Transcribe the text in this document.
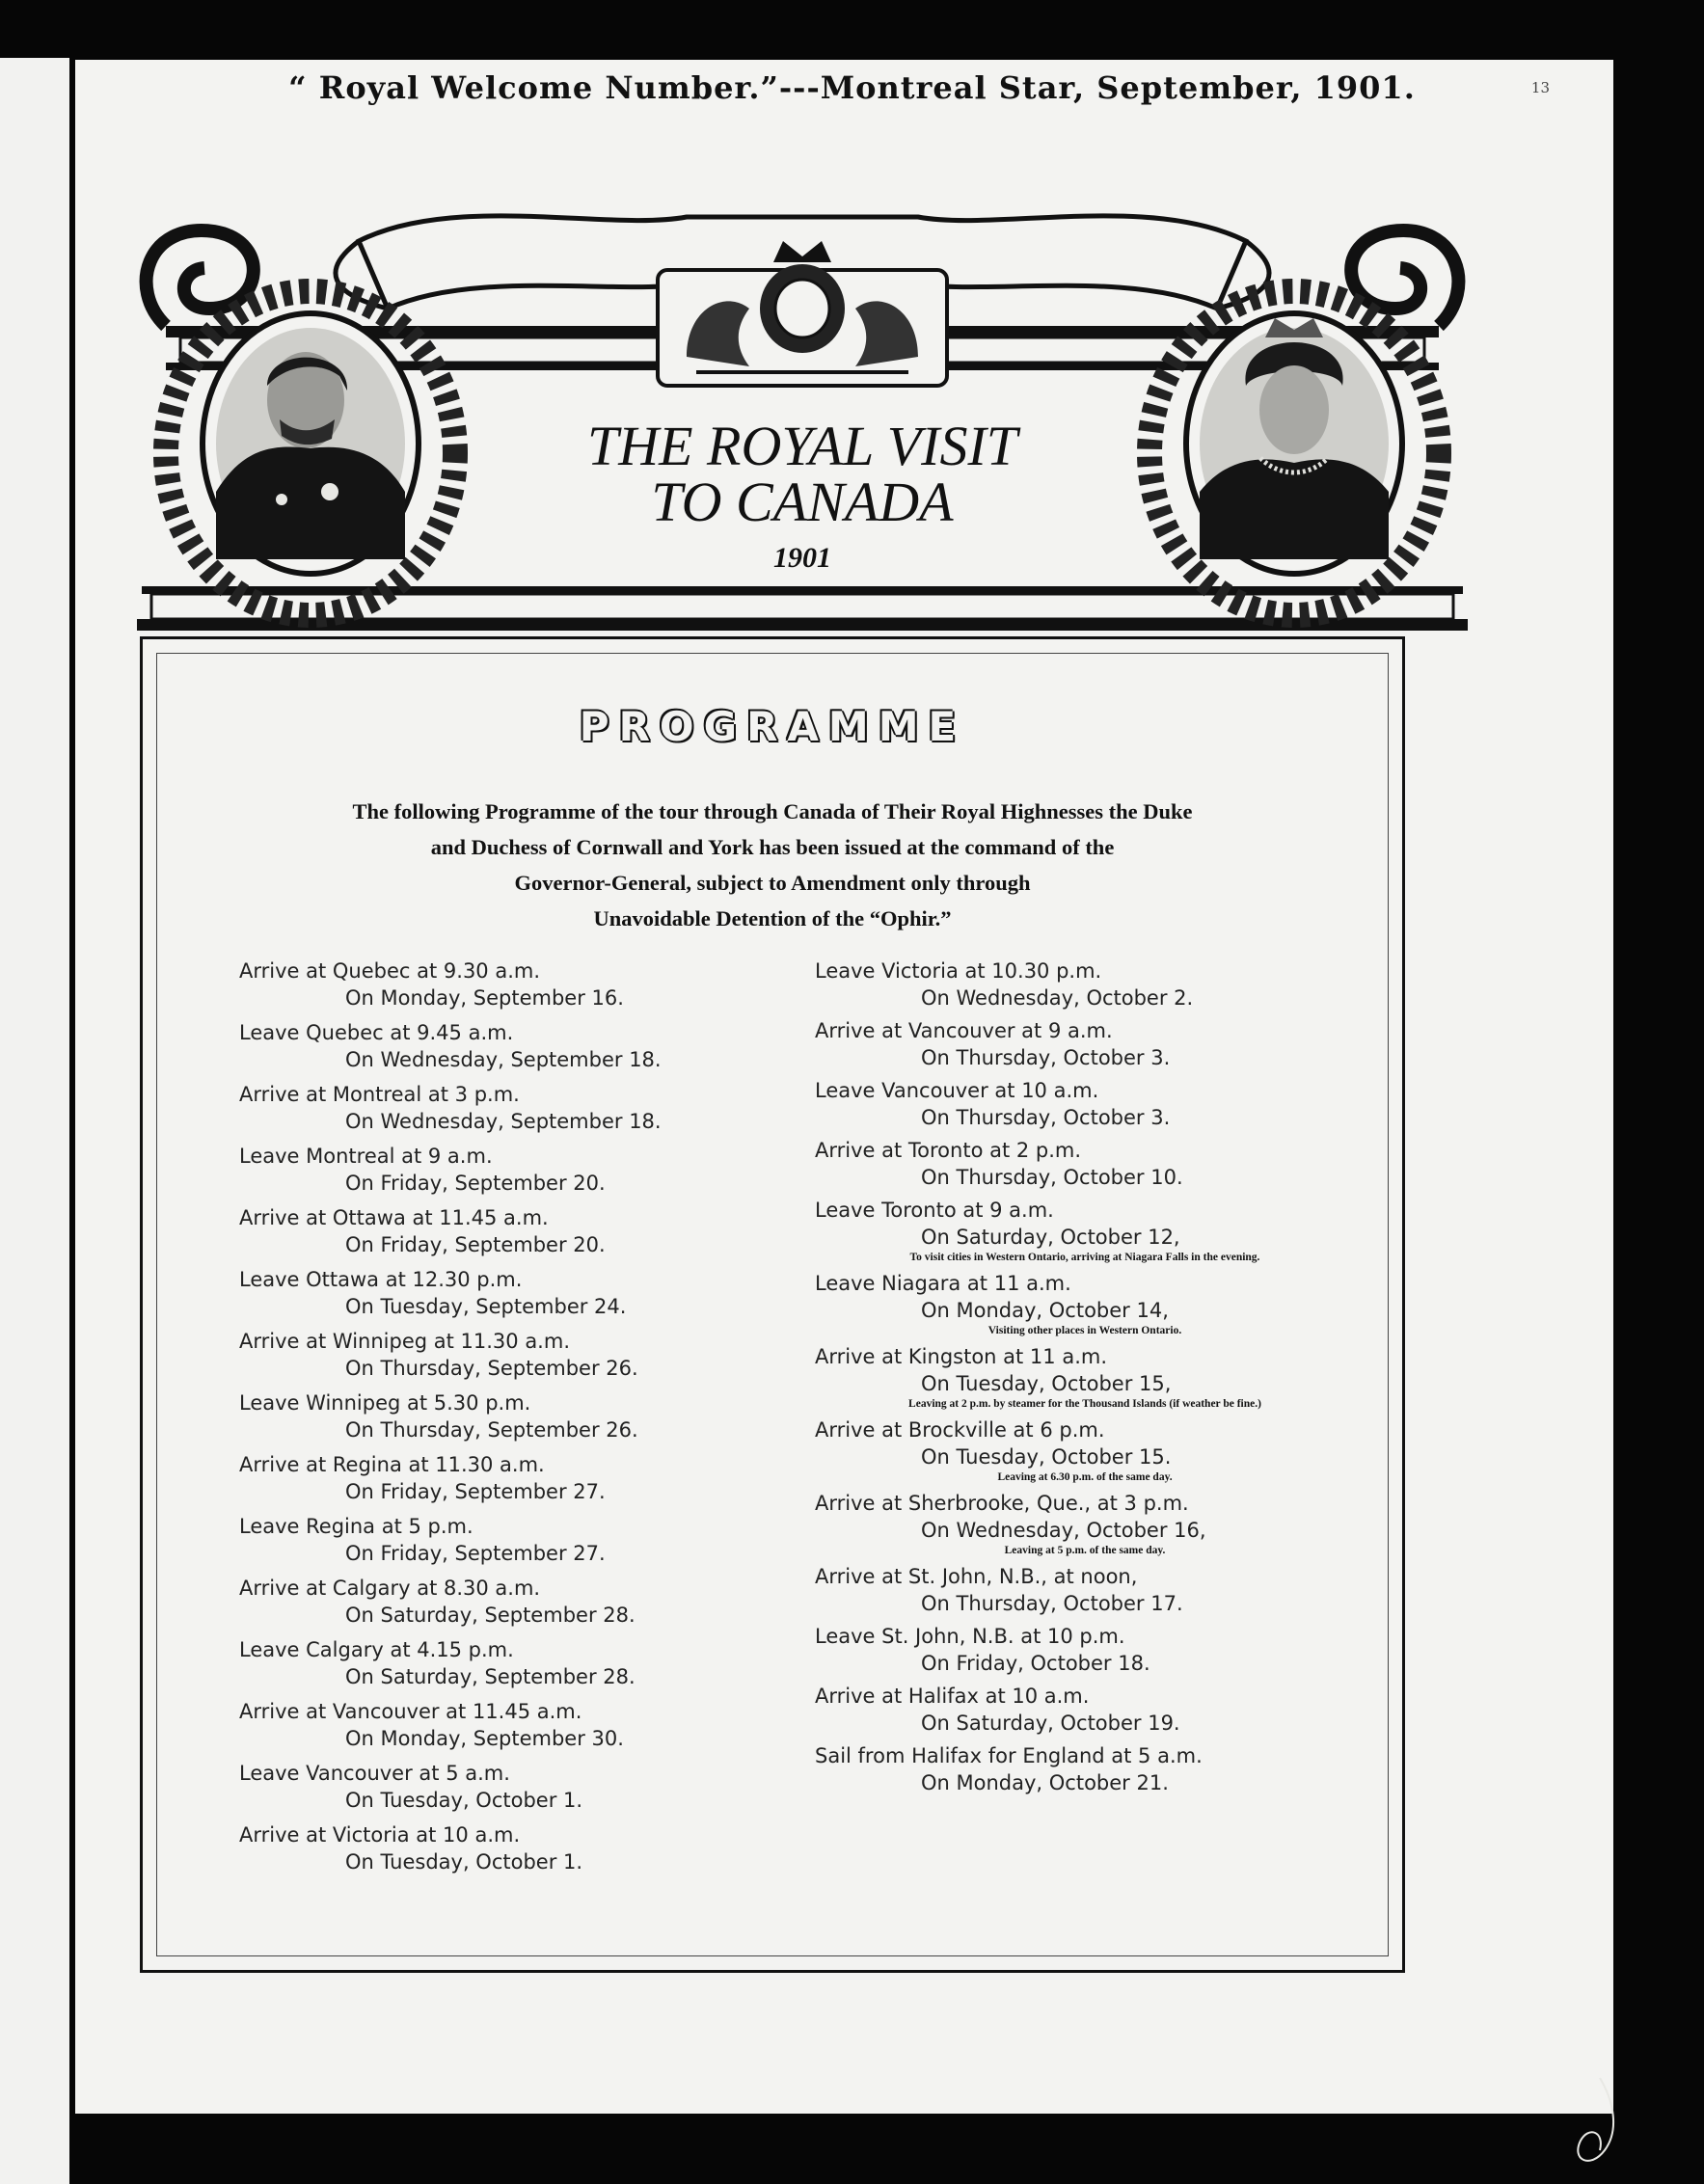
“ Royal Welcome Number.”---Montreal Star, September, 1901.	13
THE ROYAL VISIT
TO CANADA
1901
PROGRAMME

The following Programme of the tour through Canada of Their Royal Highnesses the Duke

and Duchess of Cornwall and York has been issued at the command of the

Governor-General, subject to Amendment only through

Unavoidable Detention of the “Ophir.”

Arrive at Quebec at 9.30 a.m.
On Monday, September 16.
Leave Quebec at 9.45 a.m.
On Wednesday, September 18.
Arrive at Montreal at 3 p.m.
On Wednesday, September 18.
Leave Montreal at 9 a.m.
On Friday, September 20.
Arrive at Ottawa at 11.45 a.m.
On Friday, September 20.
Leave Ottawa at 12.30 p.m.
On Tuesday, September 24.
Arrive at Winnipeg at 11.30 a.m.
On Thursday, September 26.
Leave Winnipeg at 5.30 p.m.
On Thursday, September 26.
Arrive at Regina at 11.30 a.m.
On Friday, September 27.
Leave Regina at 5 p.m.
On Friday, September 27.
Arrive at Calgary at 8.30 a.m.
On Saturday, September 28.
Leave Calgary at 4.15 p.m.
On Saturday, September 28.
Arrive at Vancouver at 11.45 a.m.
On Monday, September 30.
Leave Vancouver at 5 a.m.
On Tuesday, October 1.
Arrive at Victoria at 10 a.m.
On Tuesday, October 1.
Leave Victoria at 10.30 p.m.
On Wednesday, October 2.
Arrive at Vancouver at 9 a.m.
On Thursday, October 3.
Leave Vancouver at 10 a.m.
On Thursday, October 3.
Arrive at Toronto at 2 p.m.
On Thursday, October 10.
Leave Toronto at 9 a.m.
On Saturday, October 12,
To visit cities in Western Ontario, arriving at Niagara Falls in the evening.
Leave Niagara at 11 a.m.
On Monday, October 14,
Visiting other places in Western Ontario.
Arrive at Kingston at 11 a.m.
On Tuesday, October 15,
Leaving at 2 p.m. by steamer for the Thousand Islands (if weather be fine.)
Arrive at Brockville at 6 p.m.
On Tuesday, October 15.
Leaving at 6.30 p.m. of the same day.
Arrive at Sherbrooke, Que., at 3 p.m.
On Wednesday, October 16,
Leaving at 5 p.m. of the same day.
Arrive at St. John, N.B., at noon,
On Thursday, October 17.
Leave St. John, N.B. at 10 p.m.
On Friday, October 18.
Arrive at Halifax at 10 a.m.
On Saturday, October 19.
Sail from Halifax for England at 5 a.m.
On Monday, October 21.
